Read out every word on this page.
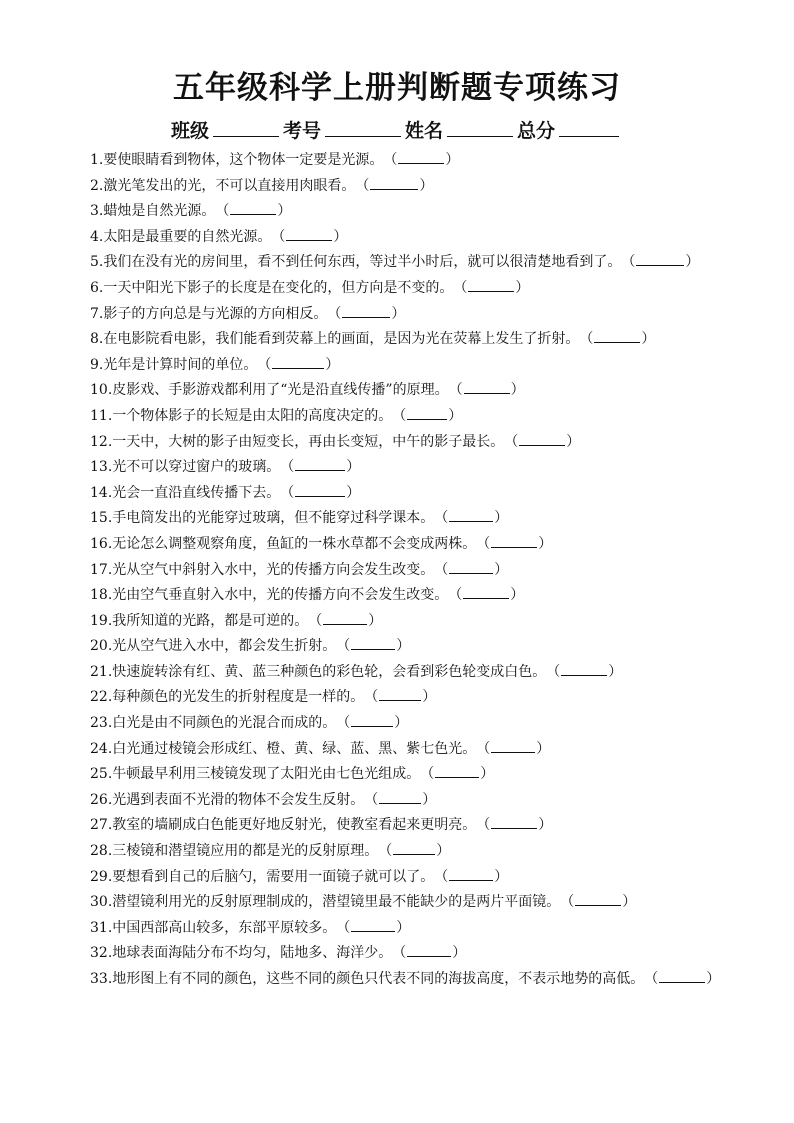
五年级科学上册判断题专项练习
班级	考号	姓名	总分
1.要使眼睛看到物体，这个物体一定要是光源。（	）
2.激光笔发出的光，不可以直接用肉眼看。（	）
3.蜡烛是自然光源。（	）
4.太阳是最重要的自然光源。（	）
5.我们在没有光的房间里，看不到任何东西，等过半小时后，就可以很清楚地看到了。（	）
6.一天中阳光下影子的长度是在变化的，但方向是不变的。（	）
7.影子的方向总是与光源的方向相反。（	）
8.在电影院看电影，我们能看到荧幕上的画面，是因为光在荧幕上发生了折射。（	）
9.光年是计算时间的单位。（	）
10.皮影戏、手影游戏都利用了“光是沿直线传播”的原理。（	）
11.一个物体影子的长短是由太阳的高度决定的。（	）
12.一天中，大树的影子由短变长，再由长变短，中午的影子最长。（	）
13.光不可以穿过窗户的玻璃。（	）
14.光会一直沿直线传播下去。（	）
15.手电筒发出的光能穿过玻璃，但不能穿过科学课本。（	）
16.无论怎么调整观察角度，鱼缸的一株水草都不会变成两株。（	）
17.光从空气中斜射入水中，光的传播方向会发生改变。（	）
18.光由空气垂直射入水中，光的传播方向不会发生改变。（	）
19.我所知道的光路，都是可逆的。（	）
20.光从空气进入水中，都会发生折射。（	）
21.快速旋转涂有红、黄、蓝三种颜色的彩色轮，会看到彩色轮变成白色。（	）
22.每种颜色的光发生的折射程度是一样的。（	）
23.白光是由不同颜色的光混合而成的。（	）
24.白光通过棱镜会形成红、橙、黄、绿、蓝、黑、紫七色光。（	）
25.牛顿最早利用三棱镜发现了太阳光由七色光组成。（	）
26.光遇到表面不光滑的物体不会发生反射。（	）
27.教室的墙刷成白色能更好地反射光，使教室看起来更明亮。（	）
28.三棱镜和潜望镜应用的都是光的反射原理。（	）
29.要想看到自己的后脑勺，需要用一面镜子就可以了。（	）
30.潜望镜利用光的反射原理制成的，潜望镜里最不能缺少的是两片平面镜。（	）
31.中国西部高山较多，东部平原较多。（	）
32.地球表面海陆分布不均匀，陆地多、海洋少。（	）
33.地形图上有不同的颜色，这些不同的颜色只代表不同的海拔高度，不表示地势的高低。（	）
